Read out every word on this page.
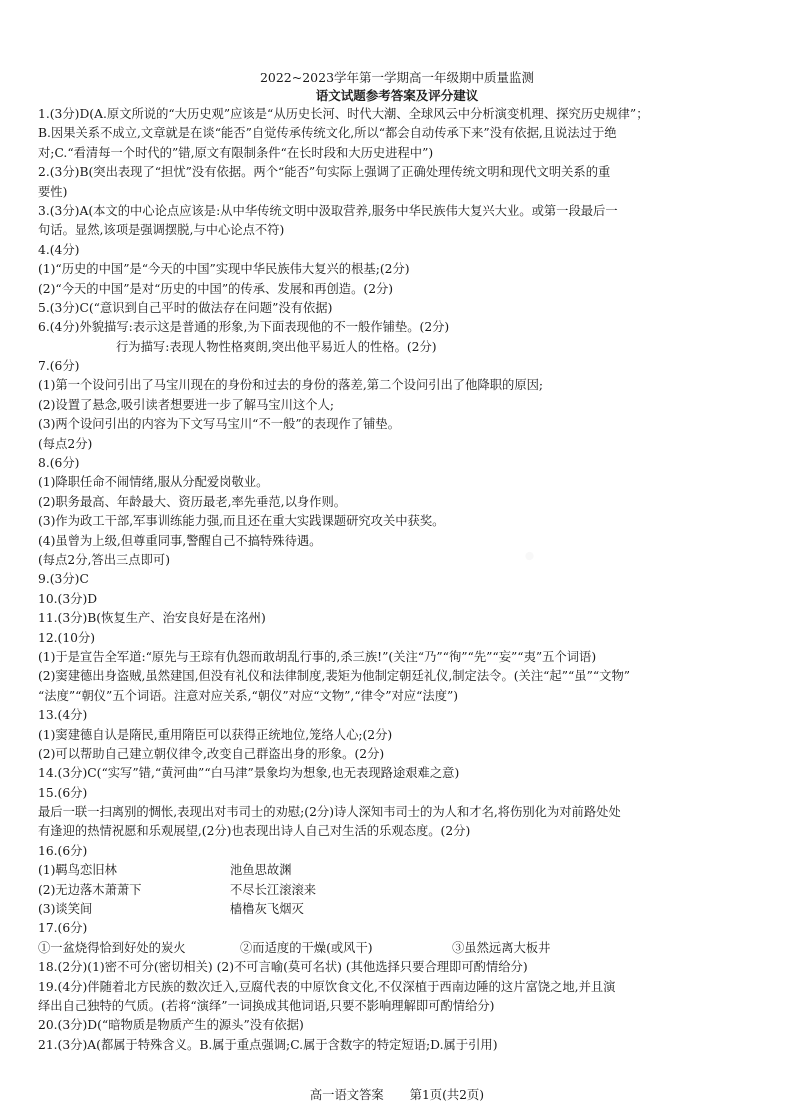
2022~2023学年第一学期高一年级期中质量监测
语文试题参考答案及评分建议
1.(3分)D(A.原文所说的“大历史观”应该是“从历史长河、时代大潮、全球风云中分析演变机理、探究历史规律”；
B.因果关系不成立,文章就是在谈“能否”自觉传承传统文化,所以“都会自动传承下来”没有依据,且说法过于绝
对;C.“看清每一个时代的”错,原文有限制条件“在长时段和大历史进程中”)
2.(3分)B(突出表现了“担忧”没有依据。两个“能否”句实际上强调了正确处理传统文明和现代文明关系的重
要性)
3.(3分)A(本文的中心论点应该是:从中华传统文明中汲取营养,服务中华民族伟大复兴大业。或第一段最后一
句话。显然,该项是强调摆脱,与中心论点不符)
4.(4分)
(1)“历史的中国”是“今天的中国”实现中华民族伟大复兴的根基;(2分)
(2)“今天的中国”是对“历史的中国”的传承、发展和再创造。(2分)
5.(3分)C(“意识到自己平时的做法存在问题”没有依据)
6.(4分)外貌描写:表示这是普通的形象,为下面表现他的不一般作铺垫。(2分)
行为描写:表现人物性格爽朗,突出他平易近人的性格。(2分)
7.(6分)
(1)第一个设问引出了马宝川现在的身份和过去的身份的落差,第二个设问引出了他降职的原因;
(2)设置了悬念,吸引读者想要进一步了解马宝川这个人;
(3)两个设问引出的内容为下文写马宝川“不一般”的表现作了铺垫。
(每点2分)
8.(6分)
(1)降职任命不闹情绪,服从分配爱岗敬业。
(2)职务最高、年龄最大、资历最老,率先垂范,以身作则。
(3)作为政工干部,军事训练能力强,而且还在重大实践课题研究攻关中获奖。
(4)虽曾为上级,但尊重同事,警醒自己不搞特殊待遇。
(每点2分,答出三点即可)
9.(3分)C
10.(3分)D
11.(3分)B(恢复生产、治安良好是在洺州)
12.(10分)
(1)于是宣告全军道:“原先与王琮有仇怨而敢胡乱行事的,杀三族!”(关注“乃”“徇”“先”“妄”“夷”五个词语)
(2)窦建德出身盗贼,虽然建国,但没有礼仪和法律制度,裴矩为他制定朝廷礼仪,制定法令。(关注“起”“虽”“文物”
“法度”“朝仪”五个词语。注意对应关系,“朝仪”对应“文物”,“律令”对应“法度”)
13.(4分)
(1)窦建德自认是隋民,重用隋臣可以获得正统地位,笼络人心;(2分)
(2)可以帮助自己建立朝仪律令,改变自己群盗出身的形象。(2分)
14.(3分)C(“实写”错,“黄河曲”“白马津”景象均为想象,也无表现路途艰难之意)
15.(6分)
最后一联一扫离别的惆怅,表现出对韦司士的劝慰;(2分)诗人深知韦司士的为人和才名,将伤别化为对前路处处
有逢迎的热情祝愿和乐观展望,(2分)也表现出诗人自己对生活的乐观态度。(2分)
16.(6分)
(1)羁鸟恋旧林	池鱼思故渊
(2)无边落木萧萧下	不尽长江滚滚来
(3)谈笑间	樯橹灰飞烟灭
17.(6分)
①一盆烧得恰到好处的炭火	②而适度的干燥(或风干)	③虽然远离大板井
18.(2分)(1)密不可分(密切相关) (2)不可言喻(莫可名状) (其他选择只要合理即可酌情给分)
19.(4分)伴随着北方民族的数次迁入,豆腐代表的中原饮食文化,不仅深植于西南边陲的这片富饶之地,并且演
绎出自己独特的气质。(若将“演绎”一词换成其他词语,只要不影响理解即可酌情给分)
20.(3分)D(“暗物质是物质产生的源头”没有依据)
21.(3分)A(都属于特殊含义。B.属于重点强调;C.属于含数字的特定短语;D.属于引用)
高一语文答案 第1页(共2页)
